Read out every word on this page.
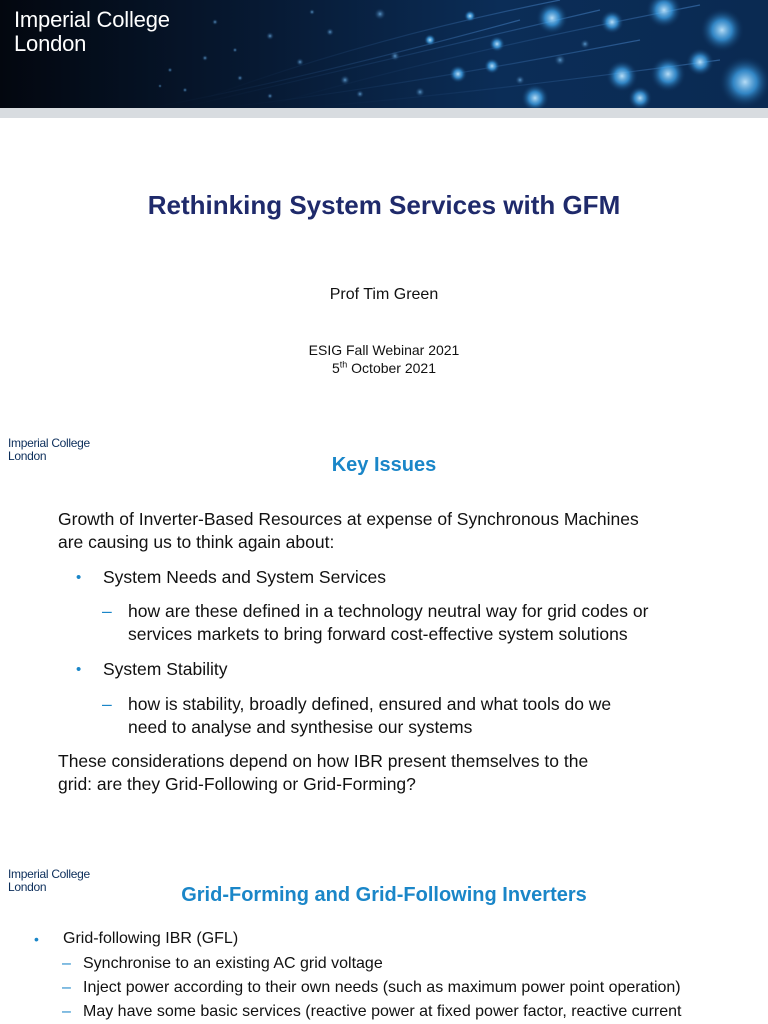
Imperial College
London
Rethinking System Services with GFM
Prof Tim Green
ESIG Fall Webinar 2021
5th October 2021
Imperial College
London	Key Issues
Growth of Inverter-Based Resources at expense of Synchronous Machines
are causing us to think again about:
• System Needs and System Services
– how are these defined in a technology neutral way for grid codes or
services markets to bring forward cost-effective system solutions
• System Stability
– how is stability, broadly defined, ensured and what tools do we
need to analyse and synthesise our systems
These considerations depend on how IBR present themselves to the
grid: are they Grid-Following or Grid-Forming?
Imperial College
London	Grid-Forming and Grid-Following Inverters
• Grid-following IBR (GFL)
– Synchronise to an existing AC grid voltage
– Inject power according to their own needs (such as maximum power point operation)
– May have some basic services (reactive power at fixed power factor, reactive current
